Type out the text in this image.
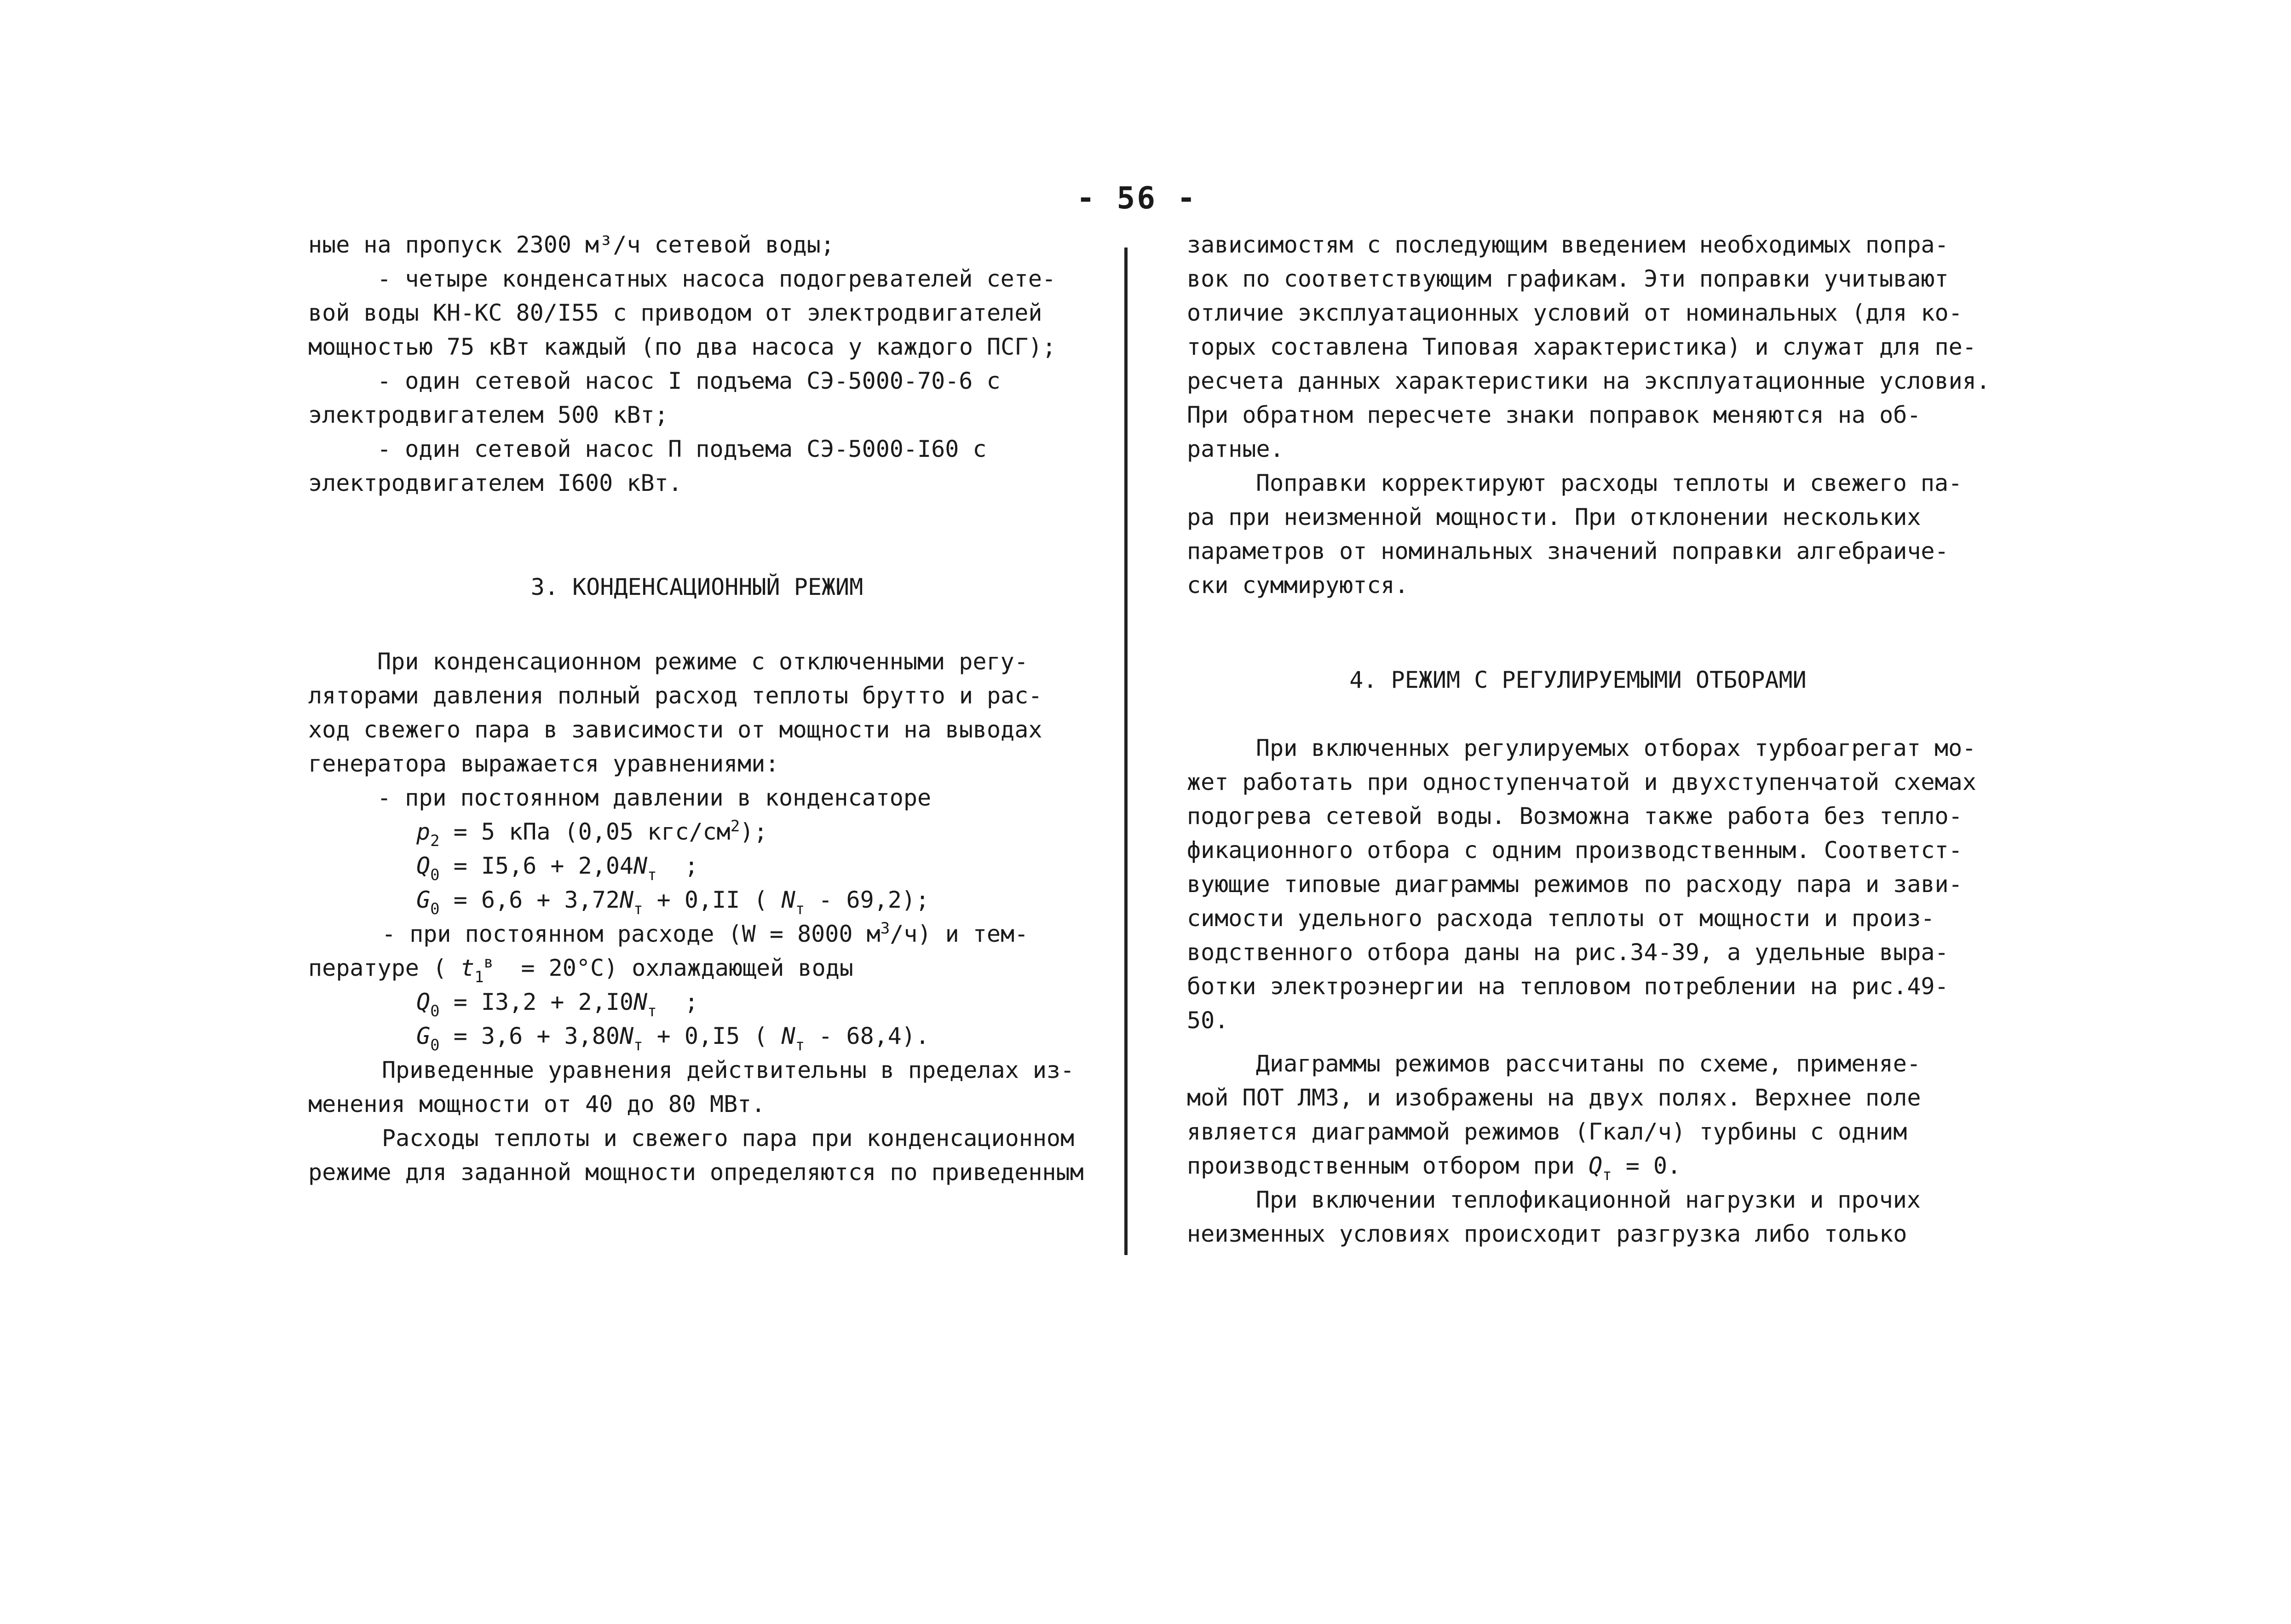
- 56 -
ные на пропуск 2300 м³/ч сетевой воды;
- четыре конденсатных насоса подогревателей сете-
вой воды КН-КС 80/I55 с приводом от электродвигателей
мощностью 75 кВт каждый (по два насоса у каждого ПСГ);
- один сетевой насос I подъема СЭ-5000-70-6 с
электродвигателем 500 кВт;
- один сетевой насос П подъема СЭ-5000-I60 с
электродвигателем I600 кВт.
3. КОНДЕНСАЦИОННЫЙ РЕЖИМ
При конденсационном режиме с отключенными регу-
ляторами давления полный расход теплоты брутто и рас-
ход свежего пара в зависимости от мощности на выводах
генератора выражается уравнениями:
- при постоянном давлении в конденсаторе
$p_2 = 5$ кПа (0,05 кгс/$см^2$);
$Q_0 = I5,6 + 2,04N_т$ ;
$G_0 = 6,6 + 3,72N_т + 0,II$ ( $N_т - 69,2$);
- при постоянном расходе (W = 8000 $м^3/ч$) и тем-
пературе ( $t_1^в = 20^\circ С$) охлаждающей воды
$Q_0 = I3,2 + 2,I0N_т$ ;
$G_0 = 3,6 + 3,80N_т + 0,I5$ ( $N_т - 68,4$).
Приведенные уравнения действительны в пределах из-
менения мощности от 40 до 80 МВт.
Расходы теплоты и свежего пара при конденсационном
режиме для заданной мощности определяются по приведенным
зависимостям с последующим введением необходимых попра-
вок по соответствующим графикам. Эти поправки учитывают
отличие эксплуатационных условий от номинальных (для ко-
торых составлена Типовая характеристика) и служат для пе-
ресчета данных характеристики на эксплуатационные условия.
При обратном пересчете знаки поправок меняются на об-
ратные.
Поправки корректируют расходы теплоты и свежего па-
ра при неизменной мощности. При отклонении нескольких
параметров от номинальных значений поправки алгебраиче-
ски суммируются.
4. РЕЖИМ С РЕГУЛИРУЕМЫМИ ОТБОРАМИ
При включенных регулируемых отборах турбоагрегат мо-
жет работать при одноступенчатой и двухступенчатой схемах
подогрева сетевой воды. Возможна также работа без тепло-
фикационного отбора с одним производственным. Соответст-
вующие типовые диаграммы режимов по расходу пара и зави-
симости удельного расхода теплоты от мощности и произ-
водственного отбора даны на рис.34-39, а удельные выра-
ботки электроэнергии на тепловом потреблении на рис.49-
50.
Диаграммы режимов рассчитаны по схеме, применяе-
мой ПОТ ЛМЗ, и изображены на двух полях. Верхнее поле
является диаграммой режимов (Гкал/ч) турбины с одним
производственным отбором при $Q_т = 0$.
При включении теплофикационной нагрузки и прочих
неизменных условиях происходит разгрузка либо только
